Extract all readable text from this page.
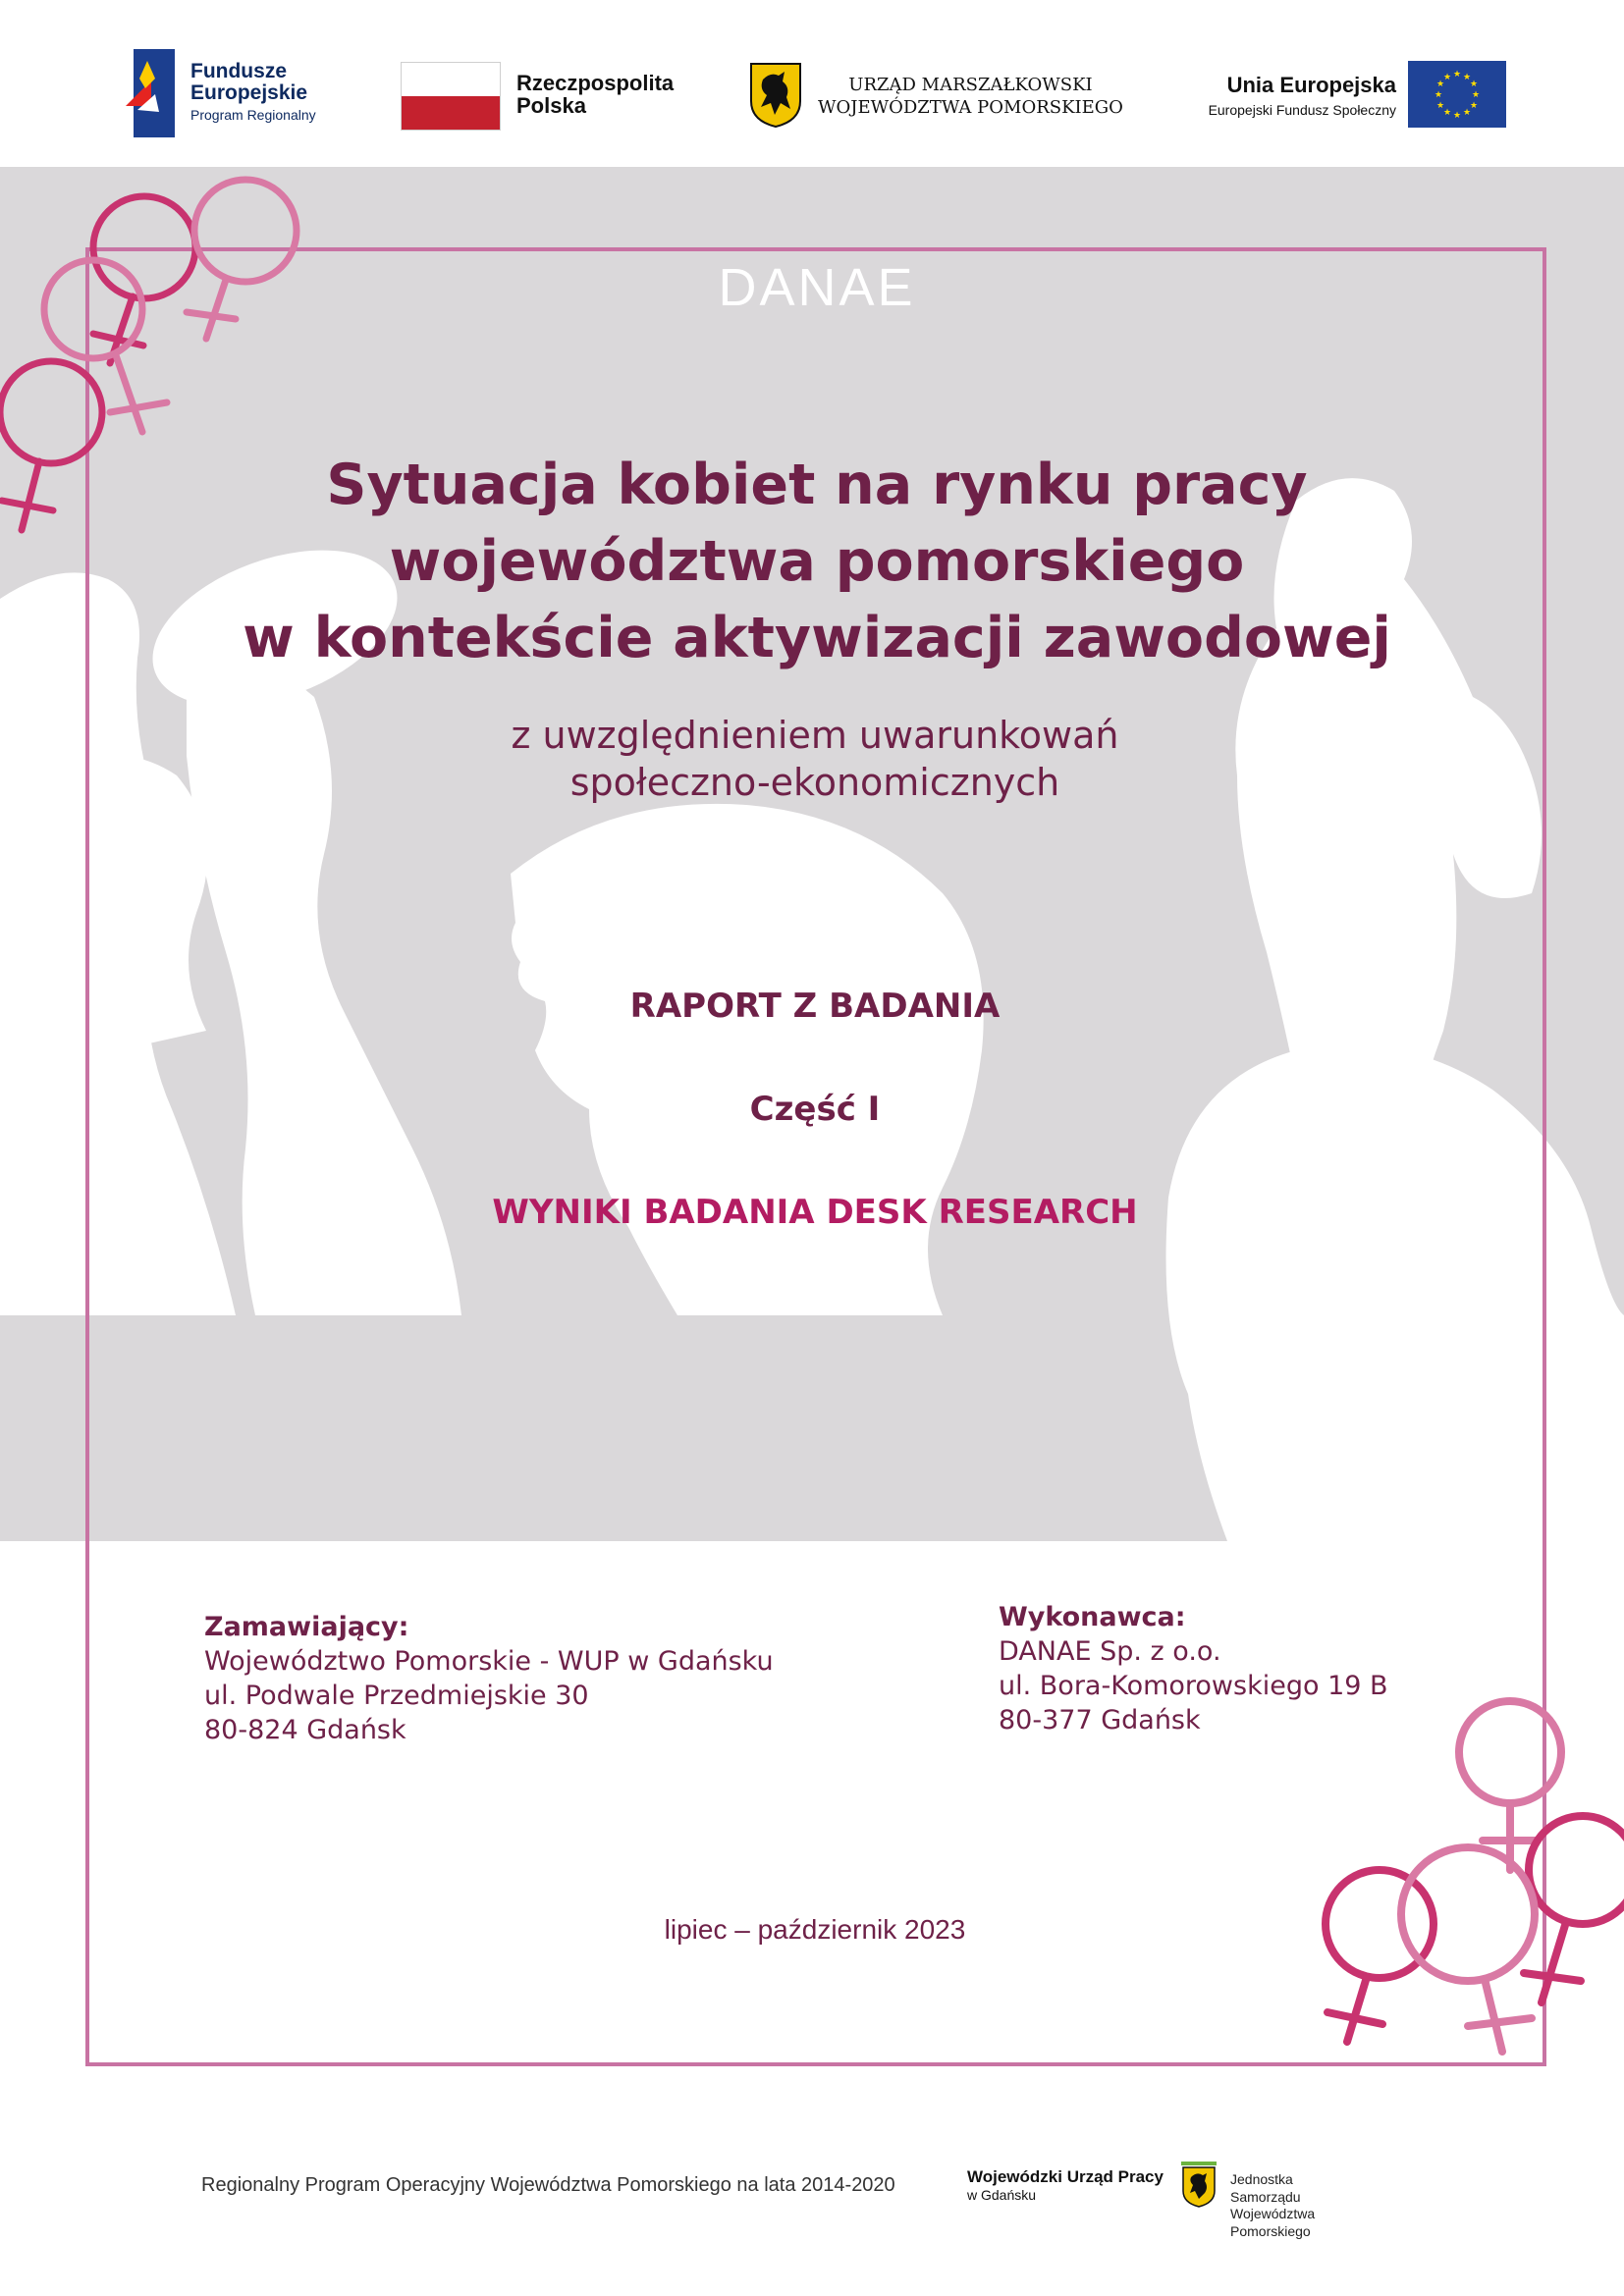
Fundusze
Europejskie
Program Regionalny
Rzeczpospolita
Polska
URZĄD MARSZAŁKOWSKI
WOJEWÓDZTWA POMORSKIEGO
Unia Europejska
Europejski Fundusz Społeczny
★ ★
★
★
★
★
★
★
★
★
★
★
DANAE
Sytuacja kobiet na rynku pracy
województwa pomorskiego
w kontekście aktywizacji zawodowej
z uwzględnieniem uwarunkowań
społeczno-ekonomicznych
RAPORT Z BADANIA
Część I
WYNIKI BADANIA DESK RESEARCH
Zamawiający:
Województwo Pomorskie - WUP w Gdańsku
ul. Podwale Przedmiejskie 30
80-824 Gdańsk
Wykonawca:
DANAE Sp. z o.o.
ul. Bora-Komorowskiego 19 B
80-377 Gdańsk
lipiec – październik 2023
Regionalny Program Operacyjny Województwa Pomorskiego na lata 2014-2020	Wojewódzki Urząd Pracy
w Gdańsku
Jednostka Samorządu
Województwa Pomorskiego
